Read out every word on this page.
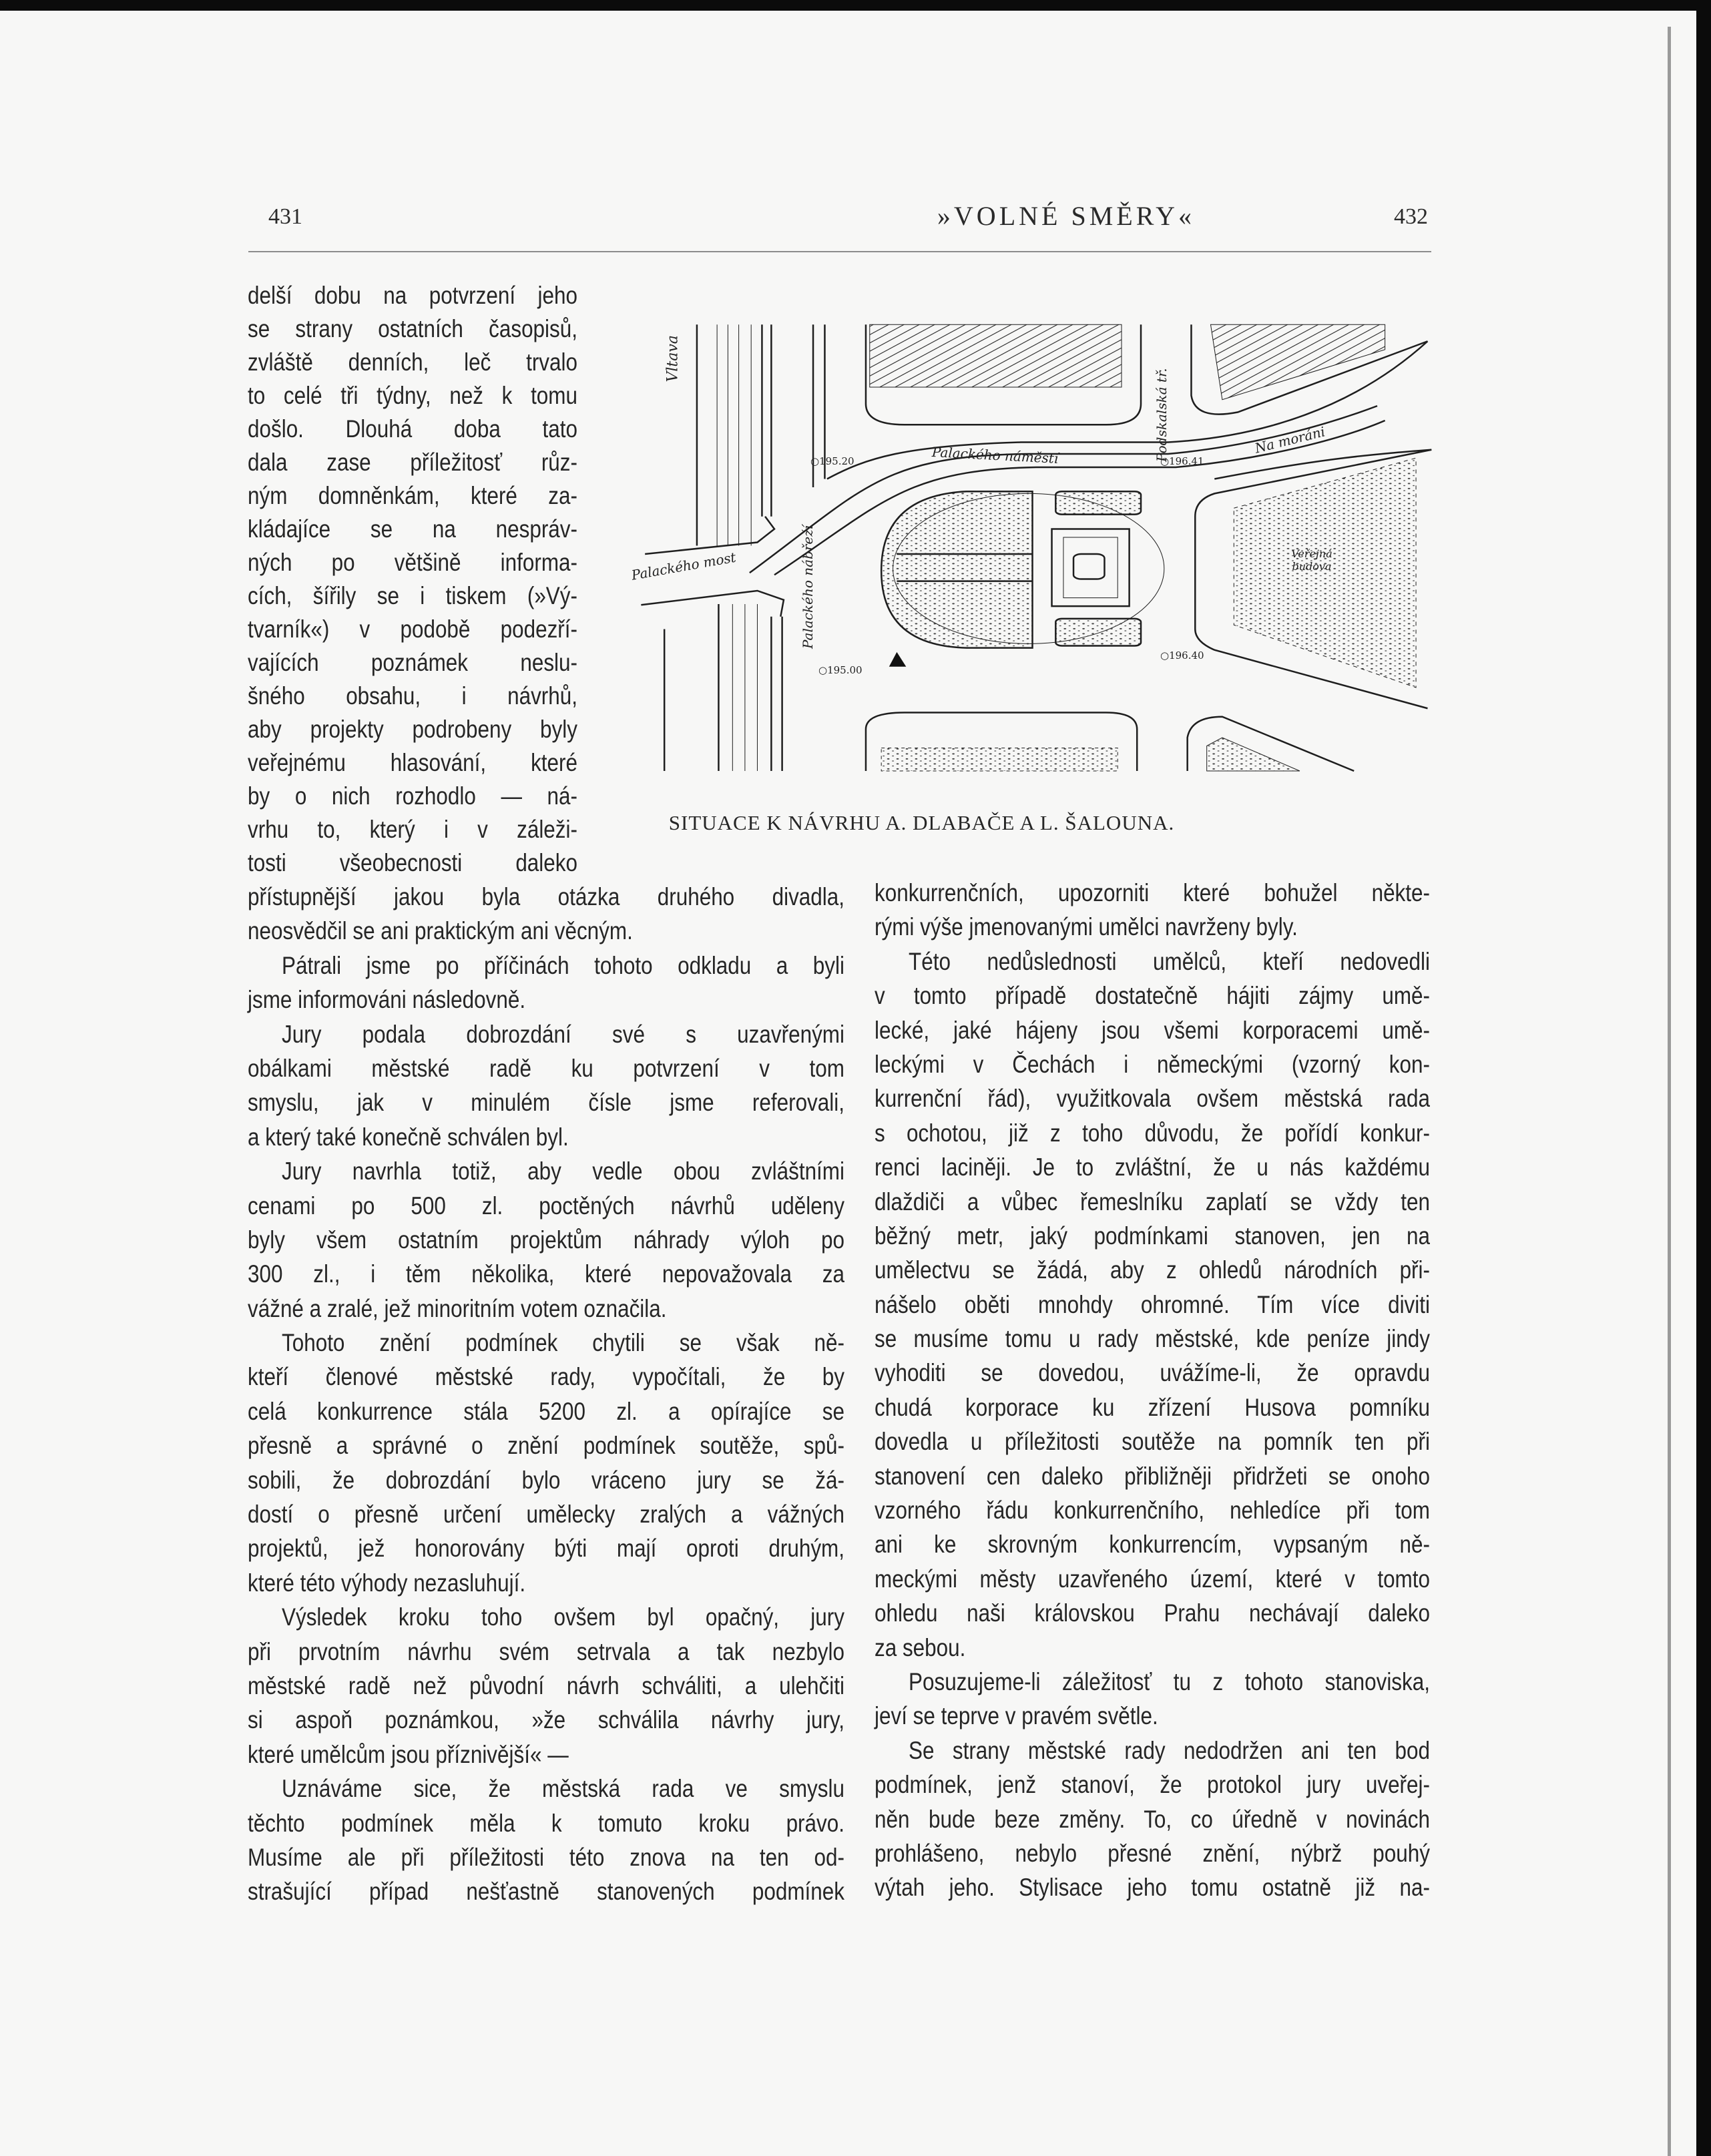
431	»VOLNÉ SMĚRY«	432
Vltava
Palackého most	Palackého nábřeží
Palackého náměstí	Podskalská tř.	Na moráni
Veřejná budova
○195.20	○196.41
○195.00
○196.40
SITUACE K NÁVRHU A. DLABAČE A L. ŠALOUNA.
delší dobu na potvrzení jeho
se strany ostatních časopisů,
zvláště denních, leč trvalo
to celé tři týdny, než k tomu
došlo. Dlouhá doba tato
dala zase příležitosť růz-
ným domněnkám, které za-
kládajíce se na nespráv-
ných po většině informa-
cích, šířily se i tiskem (»Vý-
tvarník«) v podobě podezří-
vajících poznámek neslu-
šného obsahu, i návrhů,
aby projekty podrobeny byly
veřejnému hlasování, které
by o nich rozhodlo — ná-
vrhu to, který i v záleži-
tosti všeobecnosti daleko
přístupnější jakou byla otázka druhého divadla,
neosvědčil se ani praktickým ani věcným.
Pátrali jsme po příčinách tohoto odkladu a byli
jsme informováni následovně.
Jury podala dobrozdání své s uzavřenými
obálkami městské radě ku potvrzení v tom
smyslu, jak v minulém čísle jsme referovali,
a který také konečně schválen byl.
Jury navrhla totiž, aby vedle obou zvláštními
cenami po 500 zl. poctěných návrhů uděleny
byly všem ostatním projektům náhrady výloh po
300 zl., i těm několika, které nepovažovala za
vážné a zralé, jež minoritním votem označila.
Tohoto znění podmínek chytili se však ně-
kteří členové městské rady, vypočítali, že by
celá konkurrence stála 5200 zl. a opírajíce se
přesně a správné o znění podmínek soutěže, spů-
sobili, že dobrozdání bylo vráceno jury se žá-
dostí o přesně určení umělecky zralých a vážných
projektů, jež honorovány býti mají oproti druhým,
které této výhody nezasluhují.
Výsledek kroku toho ovšem byl opačný, jury
při prvotním návrhu svém setrvala a tak nezbylo
městské radě než původní návrh schváliti, a ulehčiti
si aspoň poznámkou, »že schválila návrhy jury,
které umělcům jsou příznivější« —
Uznáváme sice, že městská rada ve smyslu
těchto podmínek měla k tomuto kroku právo.
Musíme ale při příležitosti této znova na ten od-
strašující případ nešťastně stanovených podmínek
konkurrenčních, upozorniti které bohužel někte-
rými výše jmenovanými umělci navrženy byly.
Této nedůslednosti umělců, kteří nedovedli
v tomto případě dostatečně hájiti zájmy umě-
lecké, jaké hájeny jsou všemi korporacemi umě-
leckými v Čechách i německými (vzorný kon-
kurrenční řád), využitkovala ovšem městská rada
s ochotou, již z toho důvodu, že pořídí konkur-
renci laciněji. Je to zvláštní, že u nás každému
dlaždiči a vůbec řemeslníku zaplatí se vždy ten
běžný metr, jaký podmínkami stanoven, jen na
umělectvu se žádá, aby z ohledů národních při-
nášelo oběti mnohdy ohromné. Tím více diviti
se musíme tomu u rady městské, kde peníze jindy
vyhoditi se dovedou, uvážíme-li, že opravdu
chudá korporace ku zřízení Husova pomníku
dovedla u příležitosti soutěže na pomník ten při
stanovení cen daleko přibližněji přidržeti se onoho
vzorného řádu konkurrenčního, nehledíce při tom
ani ke skrovným konkurrencím, vypsaným ně-
meckými městy uzavřeného území, které v tomto
ohledu naši královskou Prahu nechávají daleko
za sebou.
Posuzujeme-li záležitosť tu z tohoto stanoviska,
jeví se teprve v pravém světle.
Se strany městské rady nedodržen ani ten bod
podmínek, jenž stanoví, že protokol jury uveřej-
něn bude beze změny. To, co úředně v novinách
prohlášeno, nebylo přesné znění, nýbrž pouhý
výtah jeho. Stylisace jeho tomu ostatně již na-
